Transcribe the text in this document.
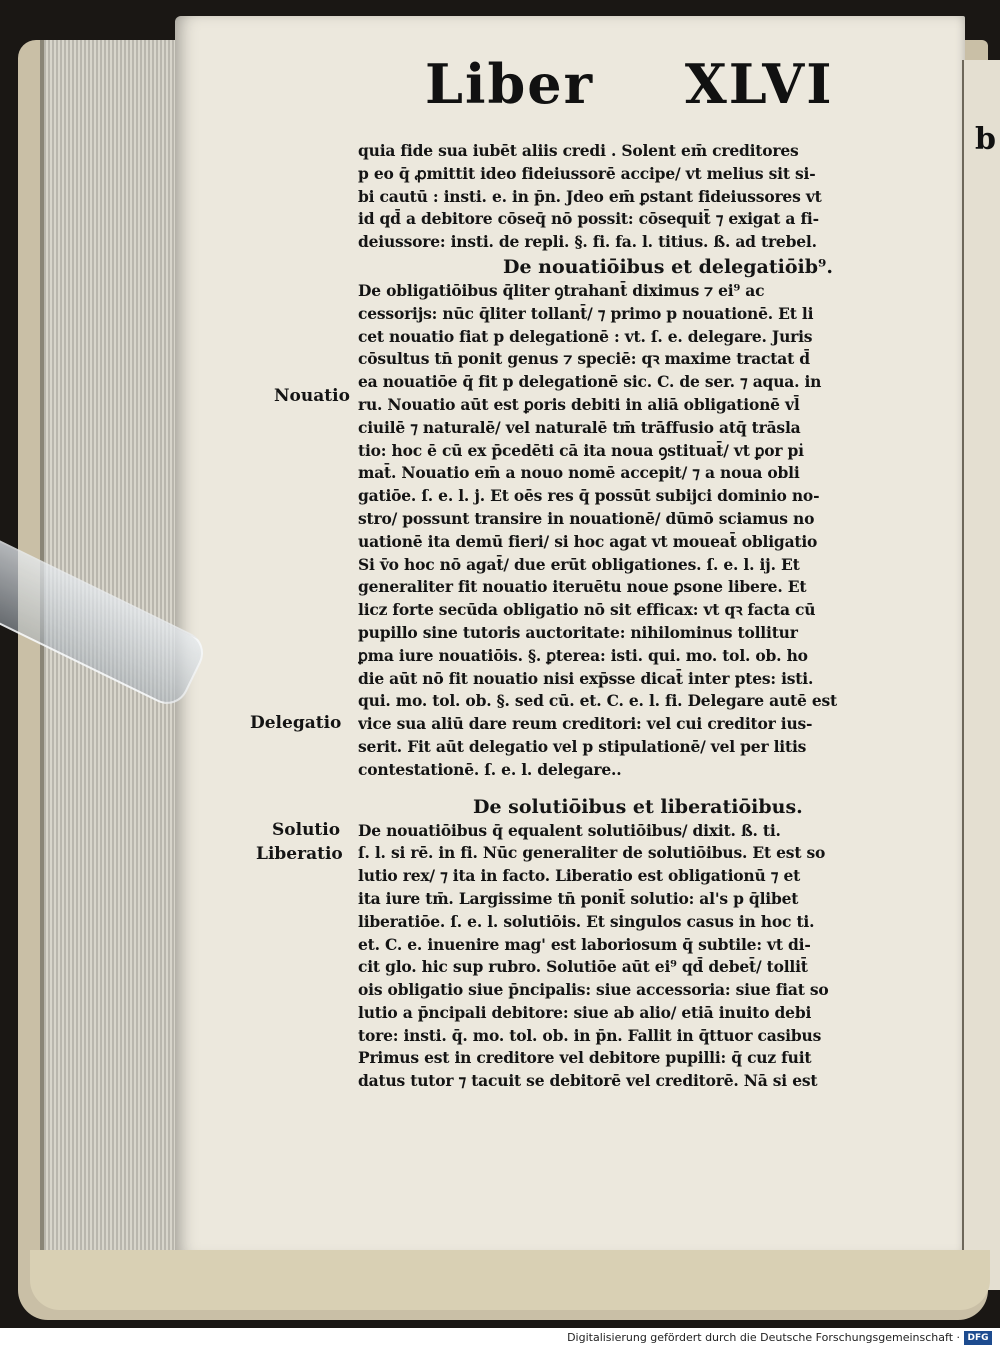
b
Liber XLVI
quia fide sua iubēt aliis credi . Solent em̄ creditores
p eo q̄ ꝓmittit ideo fideiussorē accipe/ vt melius sit si-
bi cautū : insti. e. in p̄n. Jdeo em̄ ꝑstant fideiussores vt
id qd̄ a debitore cōseq̄ nō possit: cōsequit̄ ⁊ exigat a fi-
deiussore: insti. de repli. §. fi. fa. l. titius. ß. ad trebel.
De nouatiōibus et delegatiōib⁹.
De obligatiōibus q̄liter ꝯtrahant̄ diximus ⁊ ei⁹ ac
cessorijs: nūc q̄liter tollant̄/ ⁊ primo p nouationē. Et li
cet nouatio fiat p delegationē : vt. ſ. e. delegare. Juris
cōsultus tn̄ ponit genus ⁊ speciē: qꝛ maxime tractat d̄
ea nouatiōe q̄ fit p delegationē sic. C. de ser. ⁊ aqua. in
ru. Nouatio aūt est ꝑoris debiti in aliā obligationē vl̄
ciuilē ⁊ naturalē/ vel naturalē tm̄ trāffusio atq̄ trāsla
tio: hoc ē cū ex p̄cedēti cā ita noua ꝯstituat̄/ vt ꝑor pi̇
mat̄. Nouatio em̄ a nouo nomē accepit/ ⁊ a noua obli
gatiōe. ſ. e. l. j. Et oēs res q̄ possūt subijci dominio no-
stro/ possunt transire in nouationē/ dūmō sciamus no
uationē ita demū fieri/ si hoc agat vt moueat̄ obligatio
Si v̄o hoc nō agat̄/ due erūt obligationes. ſ. e. l. ij. Et
generaliter fit nouatio iteruētu noue ꝑsone libere. Et
licz forte secūda obligatio nō sit efficax: vt qꝛ facta cū
pupillo sine tutoris auctoritate: nihilominus tollitur
ꝑma iure nouatiōis. §. ꝑterea: isti. qui. mo. tol. ob. ho
die aūt nō fit nouatio nisi exp̄sse dicat̄ inter ptes: isti.
qui. mo. tol. ob. §. sed cū. et. C. e. l. fi. Delegare autē est
vice sua aliū dare reum creditori: vel cui creditor ius-
serit. Fit aūt delegatio vel p stipulationē/ vel per litis
contestationē. ſ. e. l. delegare..
De solutiōibus et liberatiōibus.
De nouatiōibus q̄ equalent solutiōibus/ dixit. ß. ti.
ſ. l. si rē. in fi. Nūc generaliter de solutiōibus. Et est so
lutio rex/ ⁊ ita in facto. Liberatio est obligationū ⁊ et
ita iure tm̄. Largissime tn̄ ponit̄ solutio: al's p q̄libet
liberatiōe. ſ. e. l. solutiōis. Et singulos casus in hoc ti.
et. C. e. inuenire mag' est laboriosum q̄ subtile: vt di-
cit glo. hic sup rubro. Solutiōe aūt ei⁹ qd̄ debet̄/ tollit̄
ois obligatio siue p̄ncipalis: siue accessoria: siue fiat so
lutio a p̄ncipali debitore: siue ab alio/ etiā inuito debi
tore: insti. q̄. mo. tol. ob. in p̄n. Fallit in q̄ttuor casibus
Primus est in creditore vel debitore pupilli: q̄ cuz fuit
datus tutor ⁊ tacuit se debitorē vel creditorē. Nā si est
Nouatio
Delegatio
Solutio
Liberatio
Digitalisierung gefördert durch die Deutsche Forschungsgemeinschaft · DFG
